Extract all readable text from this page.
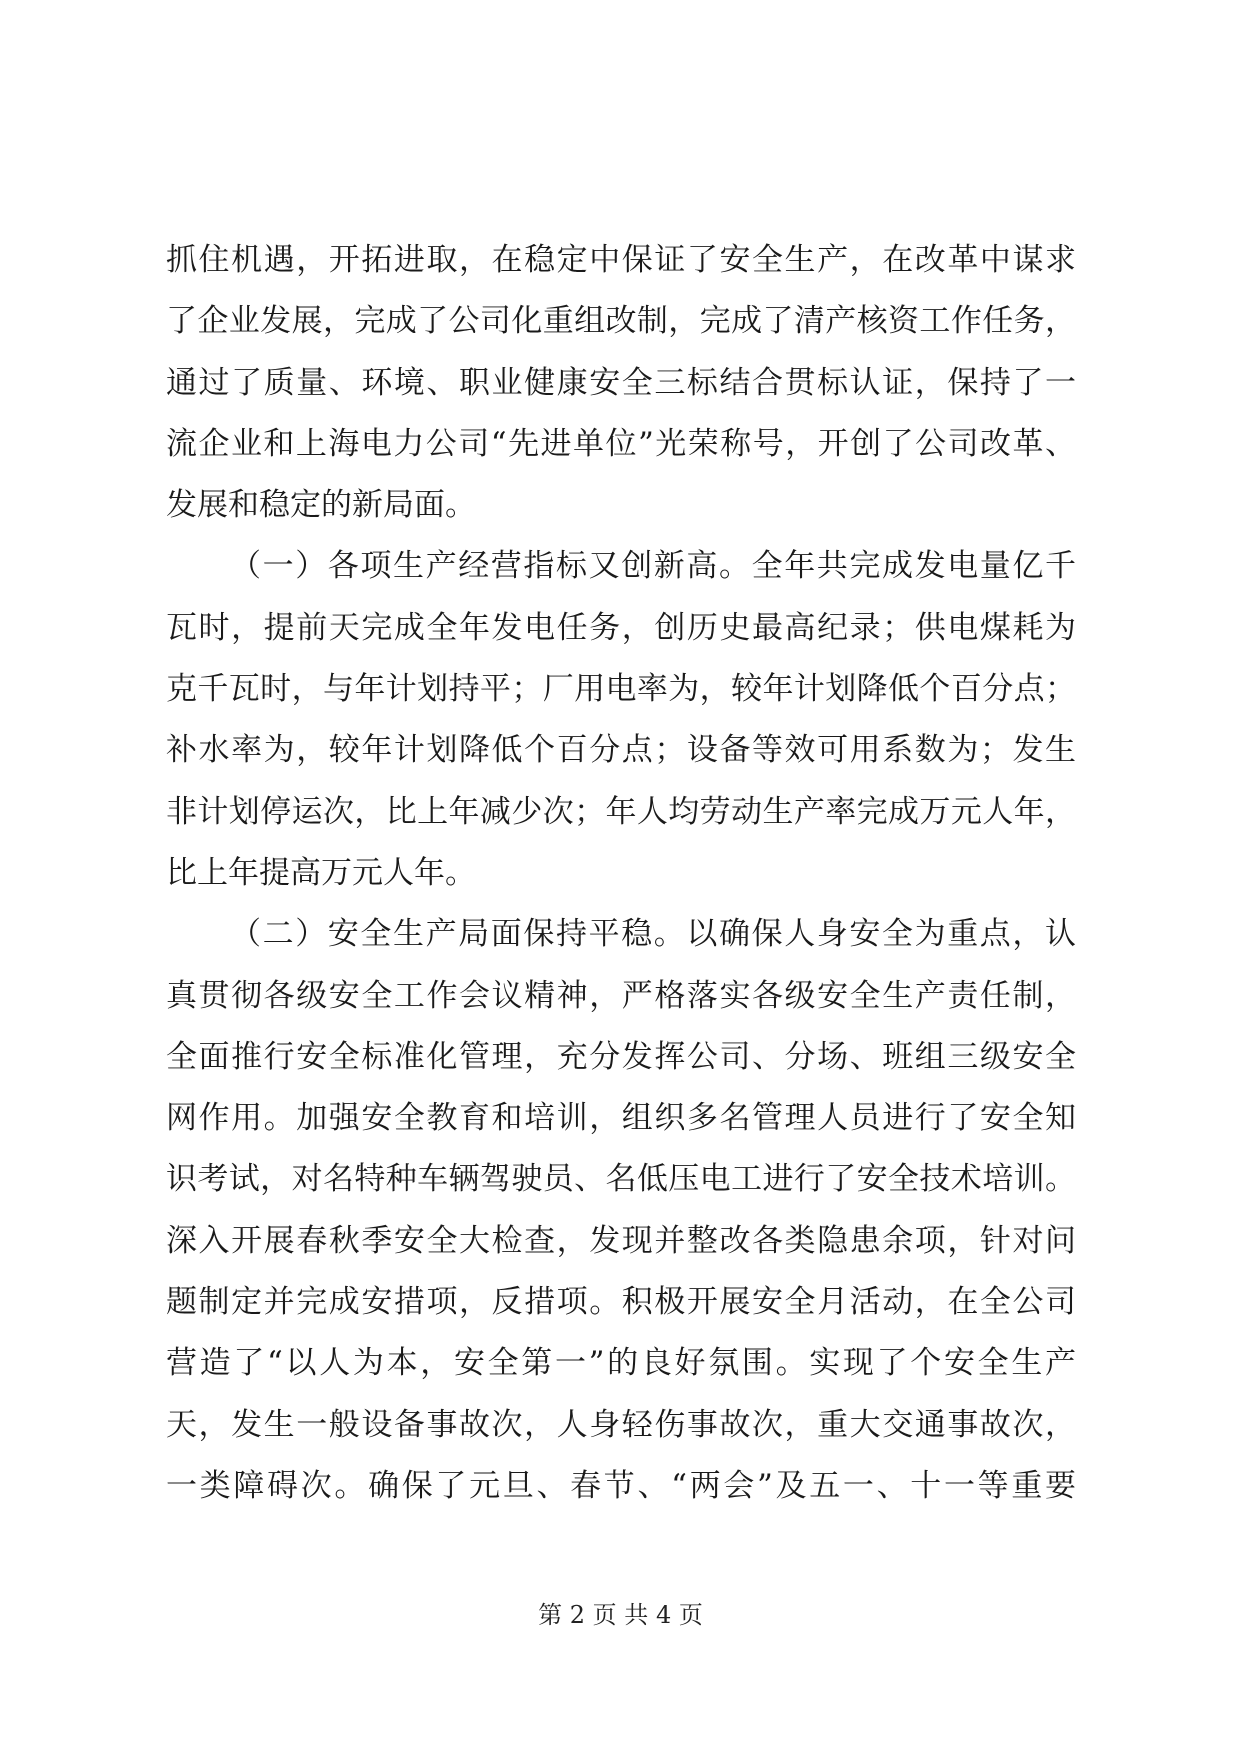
抓住机遇，开拓进取，在稳定中保证了安全生产，在改革中谋求
了企业发展，完成了公司化重组改制，完成了清产核资工作任务，
通过了质量、环境、职业健康安全三标结合贯标认证，保持了一
流企业和上海电力公司“先进单位”光荣称号，开创了公司改革、
发展和稳定的新局面。
（一）各项生产经营指标又创新高。全年共完成发电量亿千
瓦时，提前天完成全年发电任务，创历史最高纪录；供电煤耗为
克千瓦时，与年计划持平；厂用电率为，较年计划降低个百分点；
补水率为，较年计划降低个百分点；设备等效可用系数为；发生
非计划停运次，比上年减少次；年人均劳动生产率完成万元人年，
比上年提高万元人年。
（二）安全生产局面保持平稳。以确保人身安全为重点，认
真贯彻各级安全工作会议精神，严格落实各级安全生产责任制，
全面推行安全标准化管理，充分发挥公司、分场、班组三级安全
网作用。加强安全教育和培训，组织多名管理人员进行了安全知
识考试，对名特种车辆驾驶员、名低压电工进行了安全技术培训。
深入开展春秋季安全大检查，发现并整改各类隐患余项，针对问
题制定并完成安措项，反措项。积极开展安全月活动，在全公司
营造了“以人为本，安全第一”的良好氛围。实现了个安全生产
天，发生一般设备事故次，人身轻伤事故次，重大交通事故次，
一类障碍次。确保了元旦、春节、“两会”及五一、十一等重要
第 2 页 共 4 页
